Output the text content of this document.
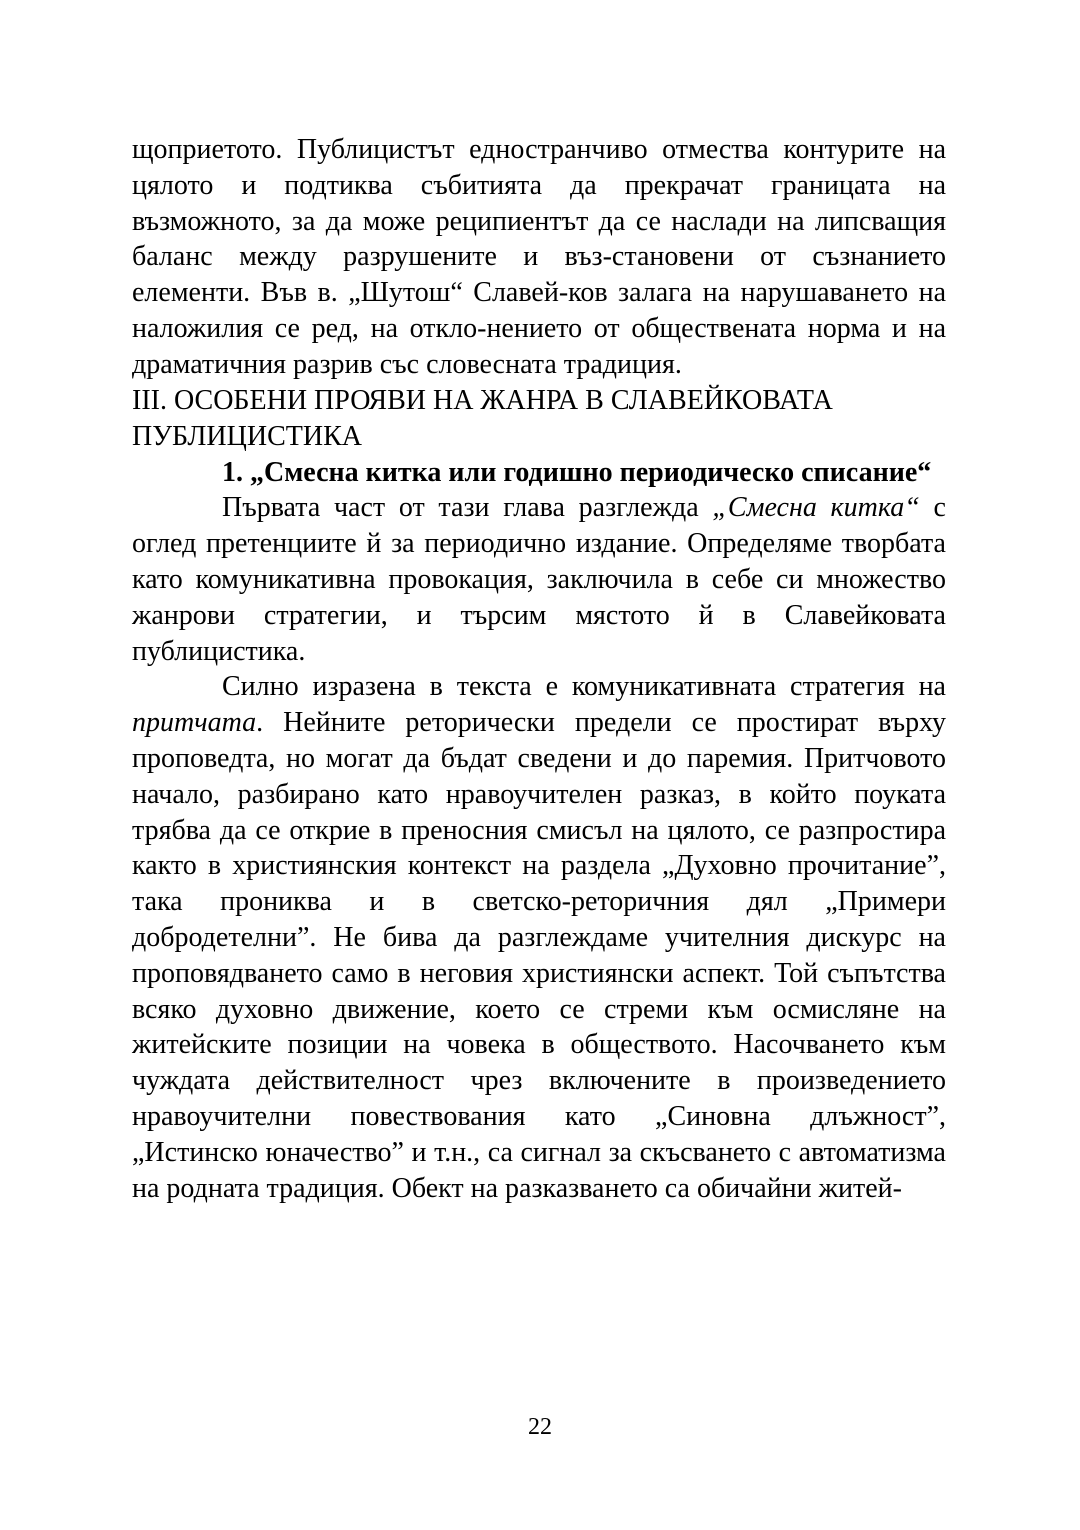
щоприетото. Публицистът едностранчиво отмества контурите на цялото и подтиква събитията да прекрачат границата на възможното, за да може реципиентът да се наслади на липсващия баланс между разрушените и въз-становени от съзнанието елементи. Във в. „Шутош“ Славей-ков залага на нарушаването на наложилия се ред, на откло-нението от обществената норма и на драматичния разрив със словесната традиция.

III. ОСОБЕНИ ПРОЯВИ НА ЖАНРА В СЛАВЕЙКОВАТА ПУБЛИЦИСТИКА

1. „Смесна китка или годишно периодическо списание“

Първата част от тази глава разглежда „Смесна китка“ с оглед претенциите й за периодично издание. Определяме творбата като комуникативна провокация, заключила в себе си множество жанрови стратегии, и търсим мястото й в Славейковата публицистика.

Силно изразена в текста е комуникативната стратегия на притчата. Нейните реторически предели се простират върху проповедта, но могат да бъдат сведени и до паремия. Притчовото начало, разбирано като нравоучителен разказ, в който поуката трябва да се открие в преносния смисъл на цялото, се разпростира както в християнския контекст на раздела „Духовно прочитание”, така прониква и в светско-реторичния дял „Примери добродетелни”. Не бива да разглеждаме учителния дискурс на проповядването само в неговия християнски аспект. Той съпътства всяко духовно движение, което се стреми към осмисляне на житейските позиции на човека в обществото. Насочването към чуждата действителност чрез включените в произведението нравоучителни повествования като „Синовна длъжност”, „Истинско юначество” и т.н., са сигнал за скъсването с автоматизма на родната традиция. Обект на разказването са обичайни житей-

22
